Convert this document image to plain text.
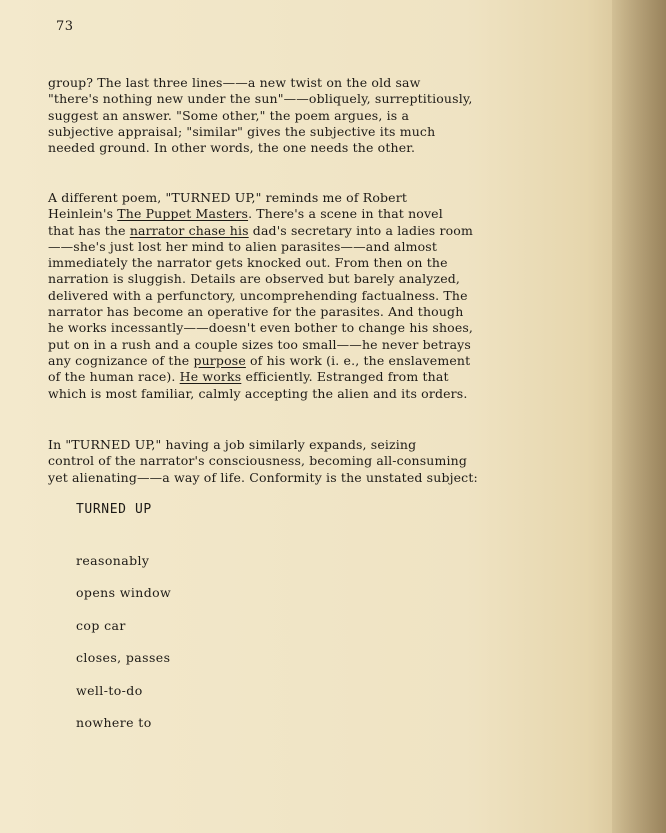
73

group? The last three lines——a new twist on the old saw
"there's nothing new under the sun"——obliquely, surreptitiously,
suggest an answer. "Some other," the poem argues, is a
subjective appraisal; "similar" gives the subjective its much
needed ground. In other words, the one needs the other.

A different poem, "TURNED UP," reminds me of Robert
Heinlein's The Puppet Masters. There's a scene in that novel
that has the narrator chase his dad's secretary into a ladies room
——she's just lost her mind to alien parasites——and almost
immediately the narrator gets knocked out. From then on the
narration is sluggish. Details are observed but barely analyzed,
delivered with a perfunctory, uncomprehending factualness. The
narrator has become an operative for the parasites. And though
he works incessantly——doesn't even bother to change his shoes,
put on in a rush and a couple sizes too small——he never betrays
any cognizance of the purpose of his work (i. e., the enslavement
of the human race). He works efficiently. Estranged from that
which is most familiar, calmly accepting the alien and its orders.

In "TURNED UP," having a job similarly expands, seizing
control of the narrator's consciousness, becoming all-consuming
yet alienating——a way of life. Conformity is the unstated subject:

TURNED UP
reasonably
opens window
cop car
closes, passes
well-to-do
nowhere to
